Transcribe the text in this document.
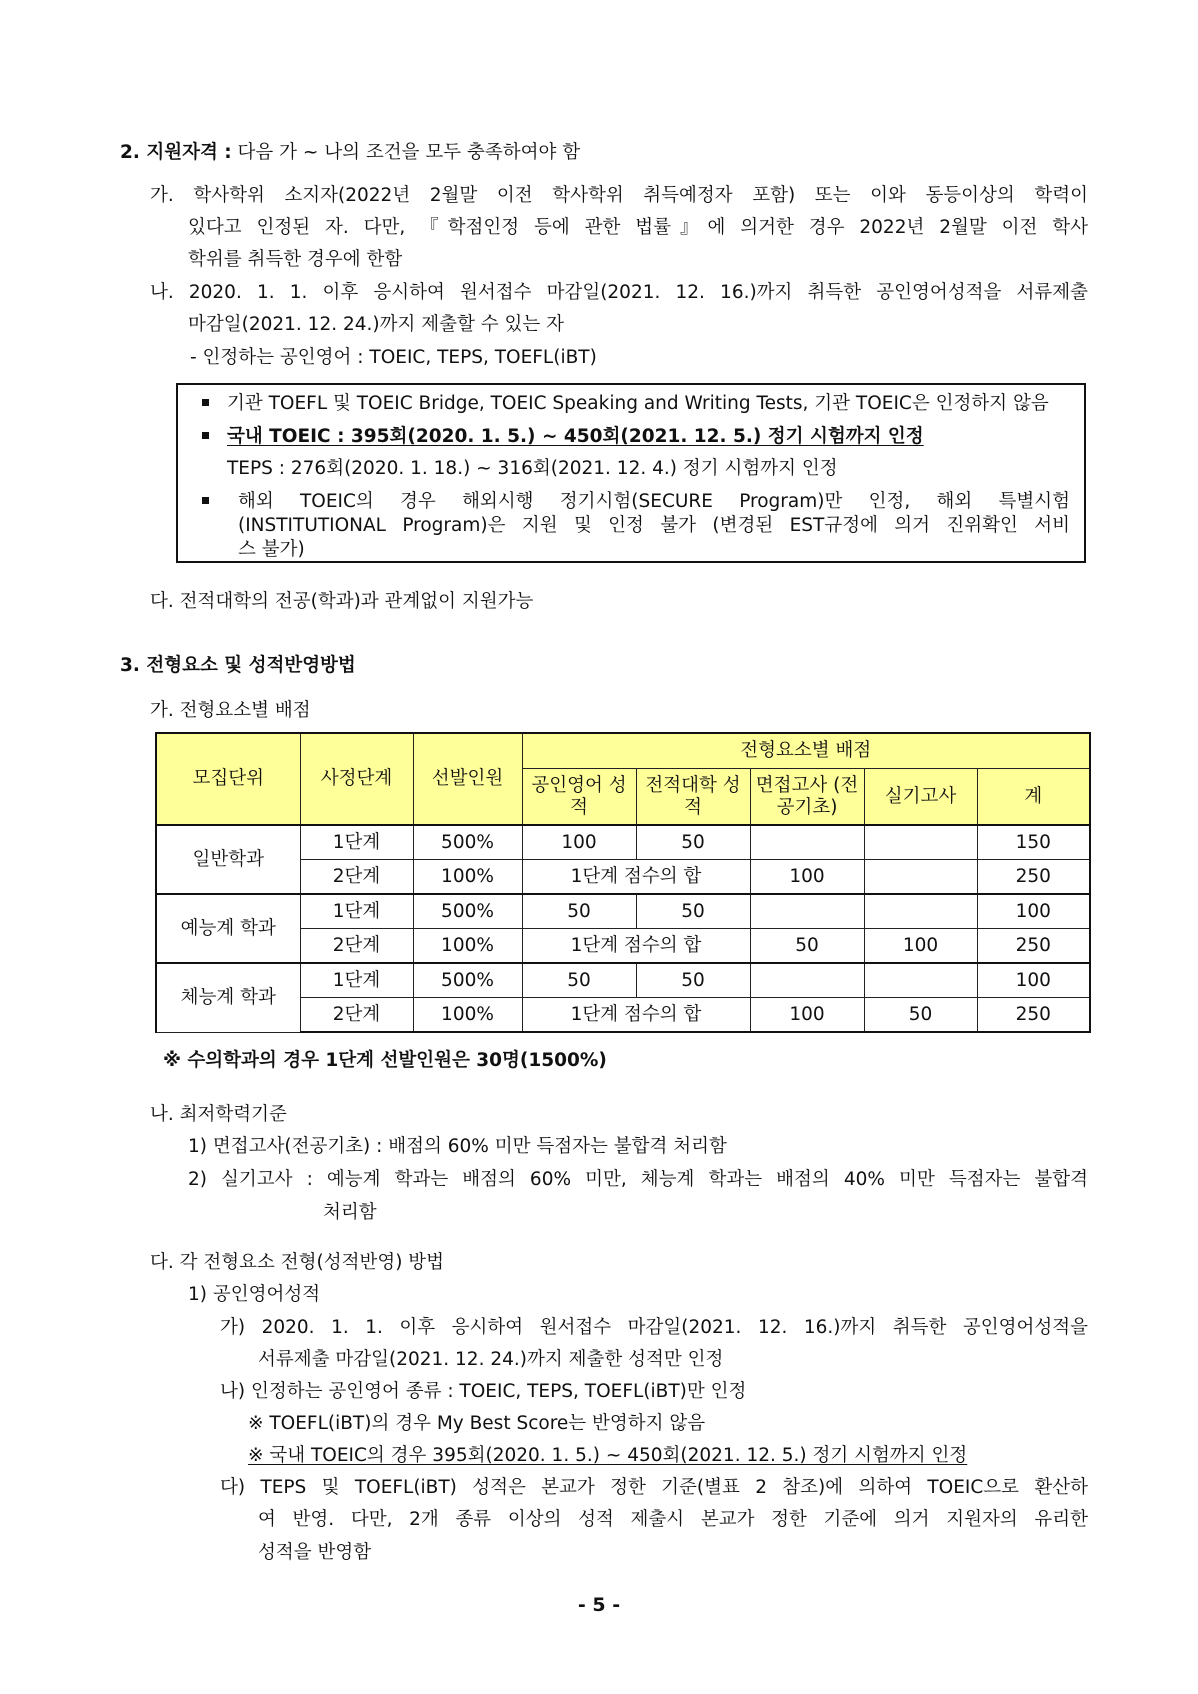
2. 지원자격 : 다음 가 ~ 나의 조건을 모두 충족하여야 함
가. 학사학위 소지자(2022년 2월말 이전 학사학위 취득예정자 포함) 또는 이와 동등이상의 학력이
있다고 인정된 자. 다만, 『학점인정 등에 관한 법률』에 의거한 경우 2022년 2월말 이전 학사
학위를 취득한 경우에 한함
나. 2020. 1. 1. 이후 응시하여 원서접수 마감일(2021. 12. 16.)까지 취득한 공인영어성적을 서류제출
마감일(2021. 12. 24.)까지 제출할 수 있는 자
- 인정하는 공인영어 : TOEIC, TEPS, TOEFL(iBT)
기관 TOEFL 및 TOEIC Bridge, TOEIC Speaking and Writing Tests, 기관 TOEIC은 인정하지 않음
국내 TOEIC : 395회(2020. 1. 5.) ~ 450회(2021. 12. 5.) 정기 시험까지 인정
TEPS : 276회(2020. 1. 18.) ~ 316회(2021. 12. 4.) 정기 시험까지 인정
해외 TOEIC의 경우 해외시행 정기시험(SECURE Program)만 인정, 해외 특별시험
(INSTITUTIONAL Program)은 지원 및 인정 불가 (변경된 EST규정에 의거 진위확인 서비
스 불가)
다. 전적대학의 전공(학과)과 관계없이 지원가능
3. 전형요소 및 성적반영방법
가. 전형요소별 배점
모집단위	사정단계	선발인원	전형요소별 배점				
			공인영어 성적	전적대학 성적	면접고사 (전공기초)	실기고사	계
일반학과	1단계	500%	100	50			150
	2단계	100%	1단계 점수의 합		100		250
예능계 학과	1단계	500%	50	50			100
	2단계	100%	1단계 점수의 합		50	100	250
체능계 학과	1단계	500%	50	50			100
	2단계	100%	1단계 점수의 합		100	50	250
※ 수의학과의 경우 1단계 선발인원은 30명(1500%)
나. 최저학력기준
1) 면접고사(전공기초) : 배점의 60% 미만 득점자는 불합격 처리함
2) 실기고사 : 예능계 학과는 배점의 60% 미만, 체능계 학과는 배점의 40% 미만 득점자는 불합격
처리함
다. 각 전형요소 전형(성적반영) 방법
1) 공인영어성적
가) 2020. 1. 1. 이후 응시하여 원서접수 마감일(2021. 12. 16.)까지 취득한 공인영어성적을
서류제출 마감일(2021. 12. 24.)까지 제출한 성적만 인정
나) 인정하는 공인영어 종류 : TOEIC, TEPS, TOEFL(iBT)만 인정
※ TOEFL(iBT)의 경우 My Best Score는 반영하지 않음
※ 국내 TOEIC의 경우 395회(2020. 1. 5.) ~ 450회(2021. 12. 5.) 정기 시험까지 인정
다) TEPS 및 TOEFL(iBT) 성적은 본교가 정한 기준(별표 2 참조)에 의하여 TOEIC으로 환산하
여 반영. 다만, 2개 종류 이상의 성적 제출시 본교가 정한 기준에 의거 지원자의 유리한
성적을 반영함
- 5 -
